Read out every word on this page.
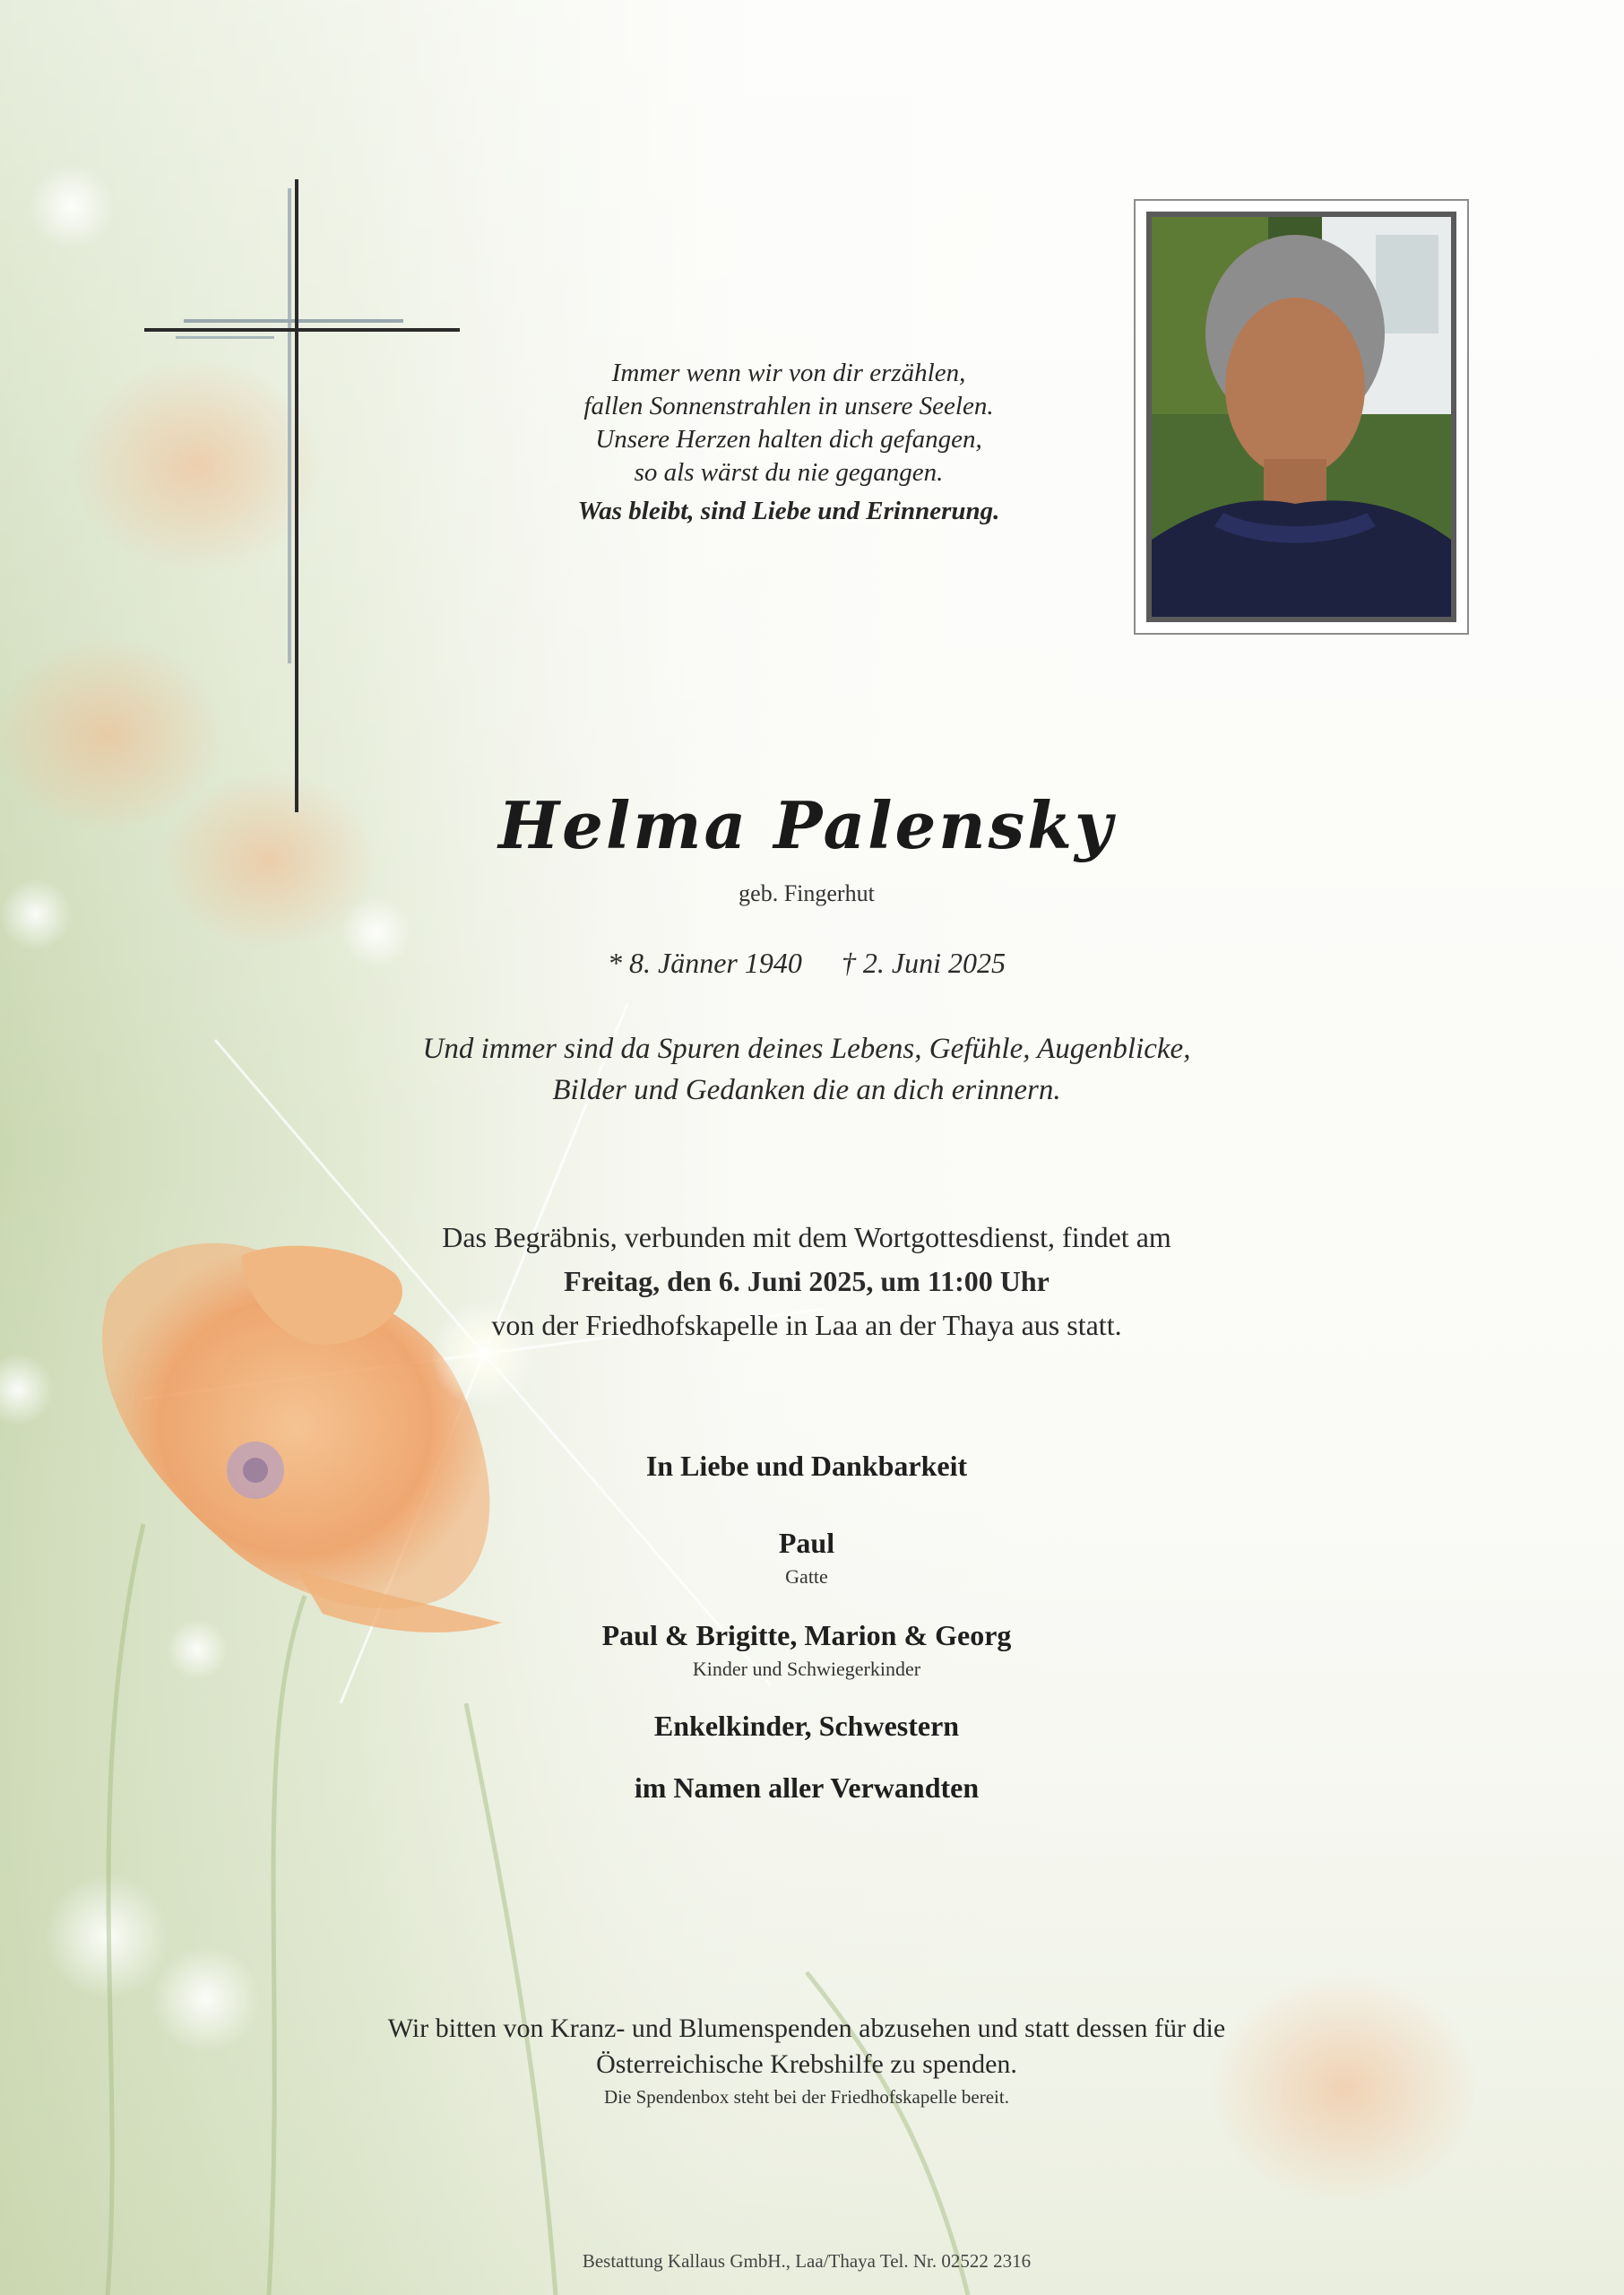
Immer wenn wir von dir erzählen,
fallen Sonnenstrahlen in unsere Seelen.
Unsere Herzen halten dich gefangen,
so als wärst du nie gegangen.
Was bleibt, sind Liebe und Erinnerung.
Helma Palensky
geb. Fingerhut
* 8. Jänner 1940 † 2. Juni 2025
Und immer sind da Spuren deines Lebens, Gefühle, Augenblicke,
Bilder und Gedanken die an dich erinnern.
Das Begräbnis, verbunden mit dem Wortgottesdienst, findet am
Freitag, den 6. Juni 2025, um 11:00 Uhr
von der Friedhofskapelle in Laa an der Thaya aus statt.
In Liebe und Dankbarkeit
Paul
Gatte
Paul & Brigitte, Marion & Georg
Kinder und Schwiegerkinder
Enkelkinder, Schwestern
im Namen aller Verwandten
Wir bitten von Kranz- und Blumenspenden abzusehen und statt dessen für die
Österreichische Krebshilfe zu spenden.
Die Spendenbox steht bei der Friedhofskapelle bereit.
Bestattung Kallaus GmbH., Laa/Thaya Tel. Nr. 02522 2316
